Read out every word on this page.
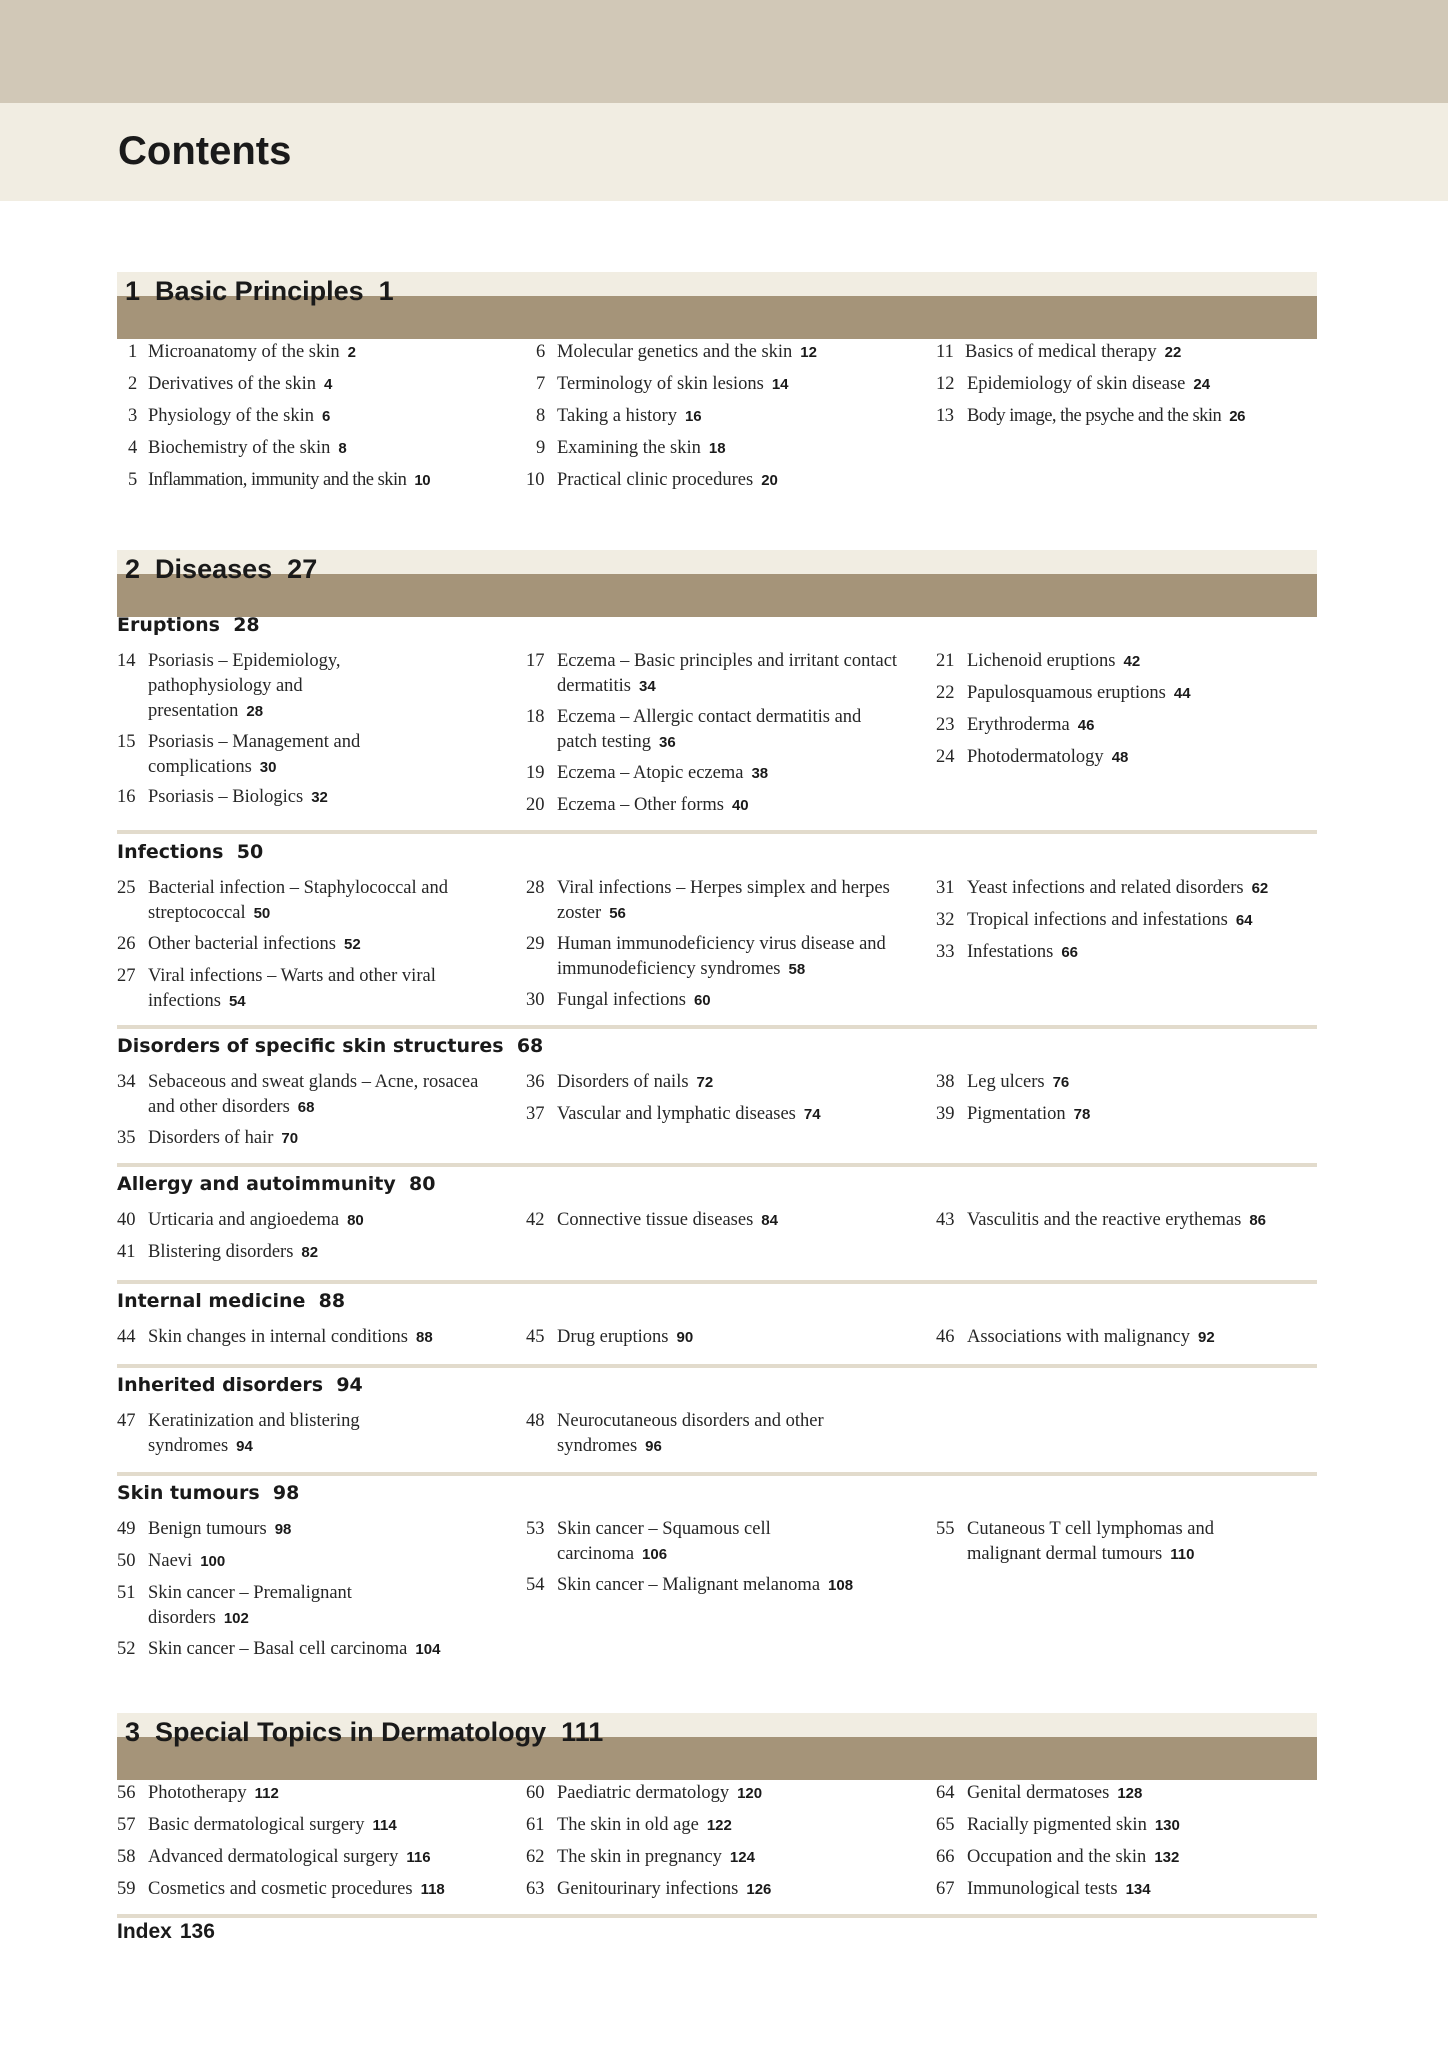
Contents
1 Basic Principles 1
1 Microanatomy of the skin 2
2 Derivatives of the skin 4
3 Physiology of the skin 6
4 Biochemistry of the skin 8
5 Inflammation, immunity and the skin 10
6 Molecular genetics and the skin 12
7 Terminology of skin lesions 14
8 Taking a history 16
9 Examining the skin 18
10 Practical clinic procedures 20
11 Basics of medical therapy 22
12 Epidemiology of skin disease 24
13 Body image, the psyche and the skin 26
2 Diseases 27
Eruptions 28
14 Psoriasis – Epidemiology, pathophysiology and presentation 28
15 Psoriasis – Management and complications 30
16 Psoriasis – Biologics 32
17 Eczema – Basic principles and irritant contact dermatitis 34
18 Eczema – Allergic contact dermatitis and patch testing 36
19 Eczema – Atopic eczema 38
20 Eczema – Other forms 40
21 Lichenoid eruptions 42
22 Papulosquamous eruptions 44
23 Erythroderma 46
24 Photodermatology 48
Infections 50
25 Bacterial infection – Staphylococcal and streptococcal 50
26 Other bacterial infections 52
27 Viral infections – Warts and other viral infections 54
28 Viral infections – Herpes simplex and herpes zoster 56
29 Human immunodeficiency virus disease and immunodeficiency syndromes 58
30 Fungal infections 60
31 Yeast infections and related disorders 62
32 Tropical infections and infestations 64
33 Infestations 66
Disorders of specific skin structures 68
34 Sebaceous and sweat glands – Acne, rosacea and other disorders 68
35 Disorders of hair 70
36 Disorders of nails 72
37 Vascular and lymphatic diseases 74
38 Leg ulcers 76
39 Pigmentation 78
Allergy and autoimmunity 80
40 Urticaria and angioedema 80
41 Blistering disorders 82
42 Connective tissue diseases 84	43 Vasculitis and the reactive erythemas 86
Internal medicine 88
44 Skin changes in internal conditions 88	45 Drug eruptions 90	46 Associations with malignancy 92
Inherited disorders 94
47 Keratinization and blistering syndromes 94
48 Neurocutaneous disorders and other syndromes 96
Skin tumours 98
49 Benign tumours 98
50 Naevi 100
51 Skin cancer – Premalignant disorders 102
52 Skin cancer – Basal cell carcinoma 104
53 Skin cancer – Squamous cell carcinoma 106
54 Skin cancer – Malignant melanoma 108
55 Cutaneous T cell lymphomas and malignant dermal tumours 110
3 Special Topics in Dermatology 111
56 Phototherapy 112
57 Basic dermatological surgery 114
58 Advanced dermatological surgery 116
59 Cosmetics and cosmetic procedures 118
60 Paediatric dermatology 120
61 The skin in old age 122
62 The skin in pregnancy 124
63 Genitourinary infections 126
64 Genital dermatoses 128
65 Racially pigmented skin 130
66 Occupation and the skin 132
67 Immunological tests 134
Index 136
